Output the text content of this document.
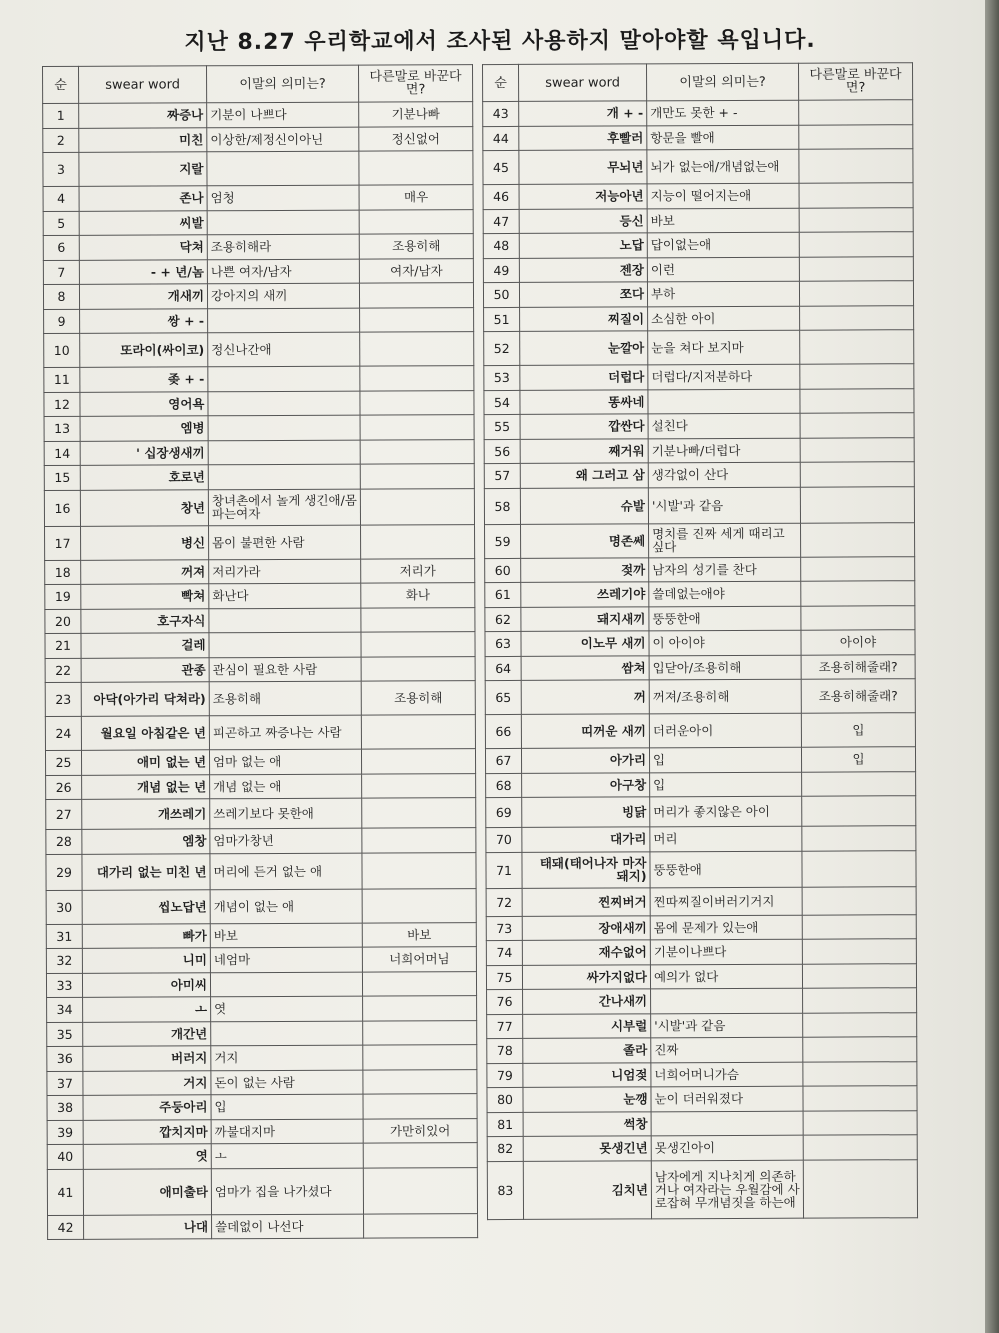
지난 8.27 우리학교에서 조사된 사용하지 말아야할 욕입니다.
순	swear word	이말의 의미는?	다른말로 바꾼다면?
1	짜증나	기분이 나쁘다	기분나빠
2	미친	이상한/제정신이아닌	정신없어
3	지랄		
4	존나	엄청	매우
5	씨발		
6	닥쳐	조용히해라	조용히해
7	- + 년/놈	나쁜 여자/남자	여자/남자
8	개새끼	강아지의 새끼	
9	쌍 + -		
10	또라이(싸이코)	정신나간애	
11	좆 + -		
12	영어욕		
13	엠병		
14	' 십장생새끼		
15	호로년		
16	창년	창녀촌에서 놀게 생긴애/몸파는여자	
17	병신	몸이 불편한 사람	
18	꺼져	저리가라	저리가
19	빡쳐	화난다	화나
20	호구자식		
21	걸레		
22	관종	관심이 필요한 사람	
23	아닥(아가리 닥쳐라)	조용히해	조용히해
24	월요일 아침같은 년	피곤하고 짜증나는 사람	
25	애미 없는 년	엄마 없는 애	
26	개념 없는 년	개념 없는 애	
27	개쓰레기	쓰레기보다 못한애	
28	엠창	엄마가창년	
29	대가리 없는 미친 년	머리에 든거 없는 애	
30	씹노답년	개념이 없는 애	
31	빠가	바보	바보
32	니미	네엄마	너희어머님
33	아미씨		
34	ㅗ	엿	
35	개간년		
36	버러지	거지	
37	거지	돈이 없는 사람	
38	주둥아리	입	
39	깝치지마	까불대지마	가만히있어
40	엿	ㅗ	
41	애미출타	엄마가 집을 나가셨다	
42	나대	쓸데없이 나선다	
순	swear word	이말의 의미는?	다른말로 바꾼다면?
43	개 + -	개만도 못한 + -	
44	후빨러	항문을 빨애	
45	무뇌년	뇌가 없는애/개념없는애	
46	저능아년	지능이 떨어지는애	
47	등신	바보	
48	노답	답이없는애	
49	젠장	이런	
50	쪼다	부하	
51	찌질이	소심한 아이	
52	눈깔아	눈을 쳐다 보지마	
53	더럽다	더럽다/지저분하다	
54	똥싸네		
55	깝싼다	설친다	
56	째거워	기분나빠/더럽다	
57	왜 그러고 삼	생각없이 산다	
58	슈발	'시발'과 같음	
59	명존쎄	명치를 진짜 세게 때리고 싶다	
60	젖까	남자의 성기를 찬다	
61	쓰레기야	쓸데없는애야	
62	돼지새끼	뚱뚱한애	
63	이노무 새끼	이 아이야	아이야
64	쌈쳐	입닫아/조용히해	조용히해줄래?
65	꺼	꺼져/조용히해	조용히해줄래?
66	띠꺼운 새끼	더러운아이	입
67	아가리	입	입
68	아구창	입	
69	빙닭	머리가 좋지않은 아이	
70	대가리	머리	
71	태돼(태어나자 마자 돼지)	뚱뚱한애	
72	찐찌버거	찐따찌질이버러기거지	
73	장애새끼	몸에 문제가 있는애	
74	재수없어	기분이나쁘다	
75	싸가지없다	예의가 없다	
76	간나새끼		
77	시부럴	'시발'과 같음	
78	졸라	진짜	
79	니엄젖	너희어머니가슴	
80	눈깽	눈이 더러워졌다	
81	썩창		
82	못생긴년	못생긴아이	
83	김치년	남자에게 지나치게 의존하거나 여자라는 우월감에 사로잡혀 무개념짓을 하는애	
